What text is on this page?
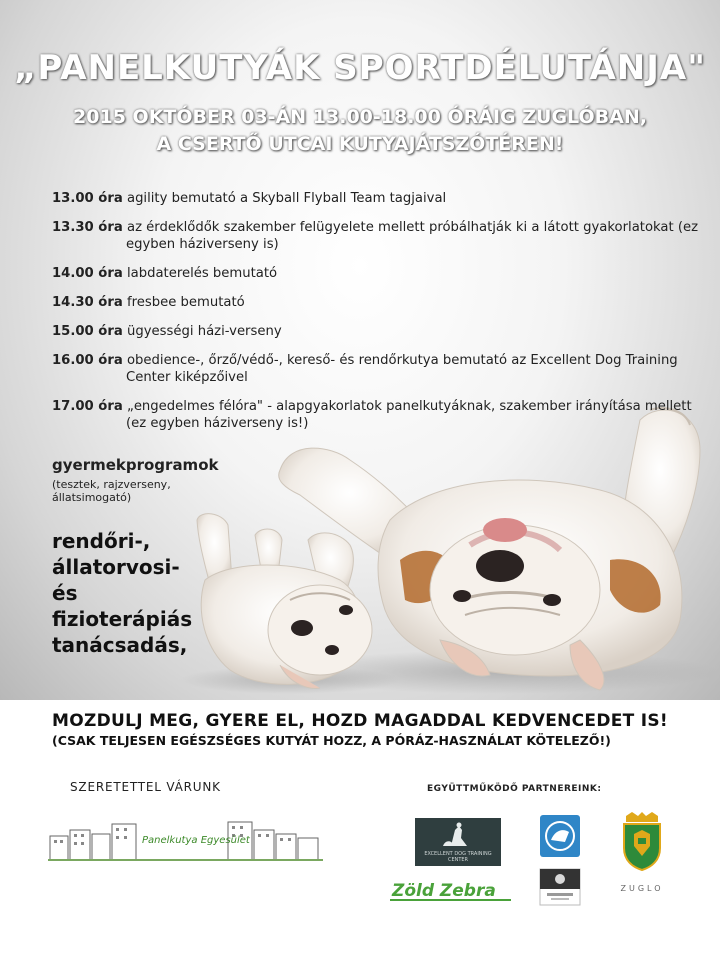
„PANELKUTYÁK SPORTDÉLUTÁNJA"
2015 OKTÓBER 03-ÁN 13.00-18.00 ÓRÁIG ZUGLÓBAN,
A CSERTŐ UTCAI KUTYAJÁTSZÓTÉREN!
13.00 óra agility bemutató a Skyball Flyball Team tagjaival
13.30 óra az érdeklődők szakember felügyelete mellett próbálhatják ki a látott gyakorlatokat (ez egyben háziverseny is)
14.00 óra labdaterelés bemutató
14.30 óra fresbee bemutató
15.00 óra ügyességi házi-verseny
16.00 óra obedience-, őrző/védő-, kereső- és rendőrkutya bemutató az Excellent Dog Training Center kiképzőivel
17.00 óra „engedelmes félóra" - alapgyakorlatok panelkutyáknak, szakember irányítása mellett (ez egyben háziverseny is!)
gyermekprogramok
(tesztek, rajzverseny, állatsimogató)
rendőri-,
állatorvosi-
és
fizioterápiás
tanácsadás,
MOZDULJ MEG, GYERE EL, HOZD MAGADDAL KEDVENCEDET IS!
(CSAK TELJESEN EGÉSZSÉGES KUTYÁT HOZZ, A PÓRÁZ-HASZNÁLAT KÖTELEZŐ!)
SZERETETTEL VÁRUNK	EGYÜTTMŰKÖDŐ PARTNEREINK:
Panelkutya Egyesület
EXCELLENT DOG TRAINING CENTER
Zöld Zebra	ZUGLO
